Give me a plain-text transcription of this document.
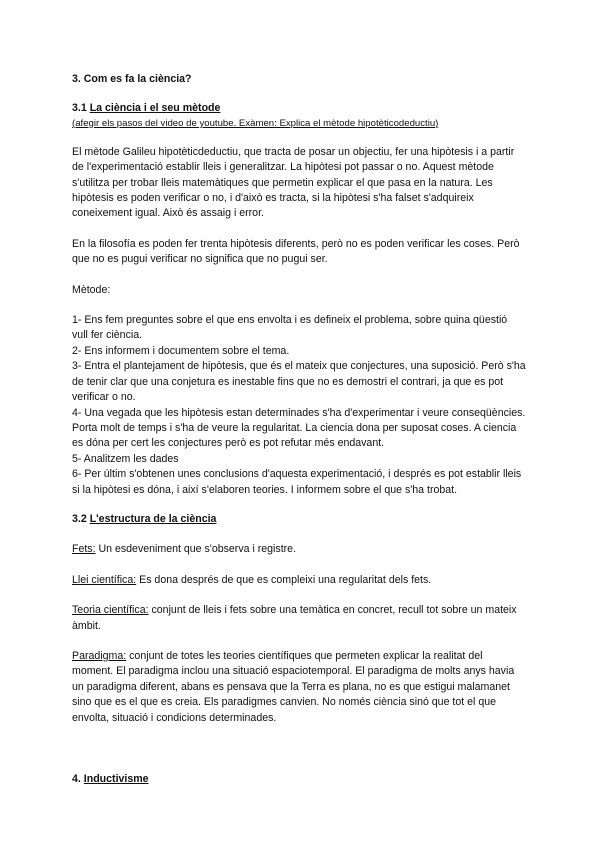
3. Com es fa la ciència?

3.1 La ciència i el seu mètode

(afegir els pasos del video de youtube. Exàmen: Explica el mètode hipotèticodeductiu)

El mètode Galileu hipotèticdeductiu, que tracta de posar un objectiu, fer una hipòtesis i a partir de l'experimentació establir lleis i generalitzar. La hipòtesi pot passar o no. Aquest mètode s'utilitza per trobar lleis matemàtiques que permetin explicar el que pasa en la natura. Les hipòtesis es poden verificar o no, i d'això es tracta, si la hipòtesi s'ha falset s'adquireix coneixement igual. Això és assaig i error.

En la filosofía es poden fer trenta hipòtesis diferents, però no es poden verificar les coses. Però que no es pugui verificar no significa que no pugui ser.

Mètode:

1- Ens fem preguntes sobre el que ens envolta i es defineix el problema, sobre quina qüestió vull fer ciència.

2- Ens informem i documentem sobre el tema.

3- Entra el plantejament de hipòtesis, que és el mateix que conjectures, una suposició. Però s'ha de tenir clar que una conjetura es inestable fins que no es demostri el contrari, ja que es pot verificar o no.

4- Una vegada que les hipòtesis estan determinades s'ha d'experimentar i veure conseqüències. Porta molt de temps i s'ha de veure la regularitat. La ciencia dona per suposat coses. A ciencia es dóna per cert les conjectures però es pot refutar més endavant.

5- Analitzem les dades

6- Per últim s'obtenen unes conclusions d'aquesta experimentació, i després es pot establir lleis si la hipòtesi es dóna, i així s'elaboren teories. I informem sobre el que s'ha trobat.

3.2 L'estructura de la ciència

Fets: Un esdeveniment que s'observa i registre.

Llei científica: Es dona després de que es compleixi una regularitat dels fets.

Teoria científica: conjunt de lleis i fets sobre una temàtica en concret, recull tot sobre un mateix àmbit.

Paradigma: conjunt de totes les teories científiques que permeten explicar la realitat del moment. El paradigma inclou una situació espaciotemporal. El paradigma de molts anys havia un paradigma diferent, abans es pensava que la Terra es plana, no es que estigui malamanet sino que es el que es creia. Els paradigmes canvien. No només ciència sinó que tot el que envolta, situació i condicions determinades.

4. Inductivisme
